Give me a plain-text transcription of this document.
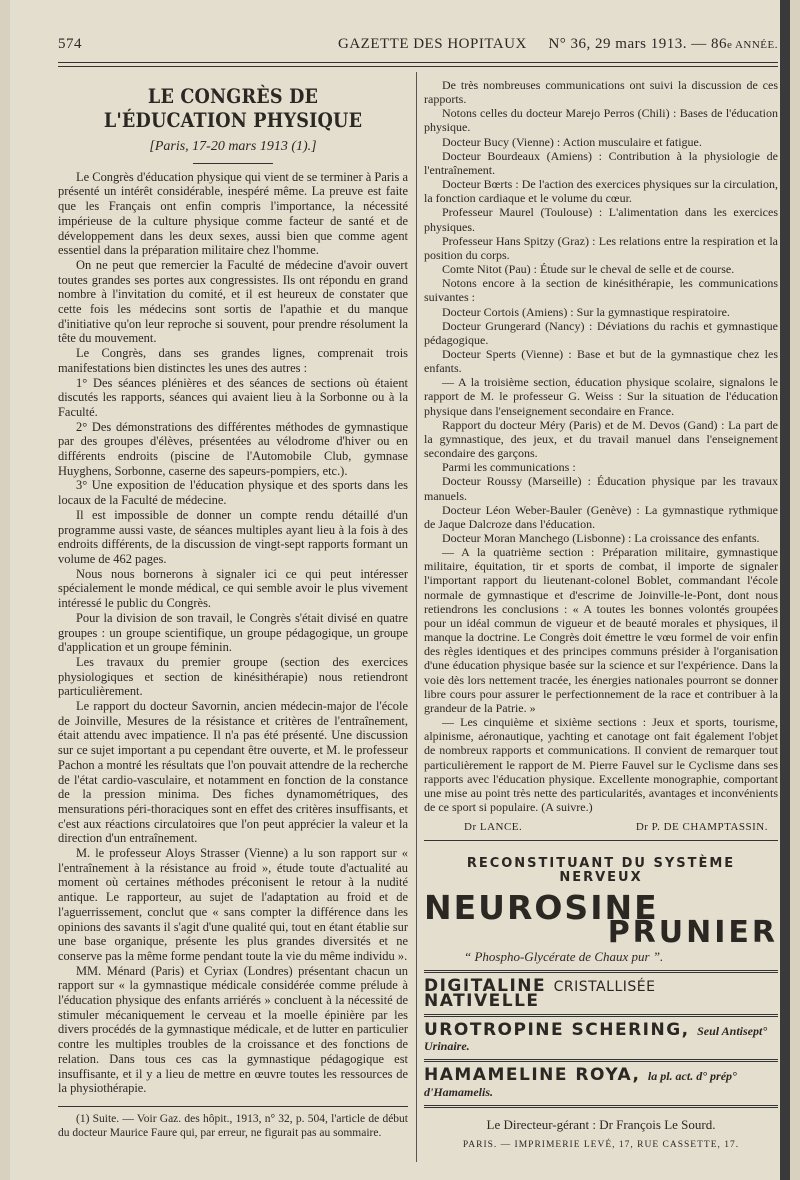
574	GAZETTE DES HOPITAUX N° 36, 29 mars 1913. — 86e ANNÉE.
LE CONGRÈS DE L'ÉDUCATION PHYSIQUE
[Paris, 17-20 mars 1913 (1).]

Le Congrès d'éducation physique qui vient de se terminer à Paris a présenté un intérêt considérable, inespéré même. La preuve est faite que les Français ont enfin compris l'importance, la nécessité impérieuse de la culture physique comme facteur de santé et de développement dans les deux sexes, aussi bien que comme agent essentiel dans la préparation militaire chez l'homme.

On ne peut que remercier la Faculté de médecine d'avoir ouvert toutes grandes ses portes aux congressistes. Ils ont répondu en grand nombre à l'invitation du comité, et il est heureux de constater que cette fois les médecins sont sortis de l'apathie et du manque d'initiative qu'on leur reproche si souvent, pour prendre résolument la tête du mouvement.

Le Congrès, dans ses grandes lignes, comprenait trois manifestations bien distinctes les unes des autres :

1° Des séances plénières et des séances de sections où étaient discutés les rapports, séances qui avaient lieu à la Sorbonne ou à la Faculté.

2° Des démonstrations des différentes méthodes de gymnastique par des groupes d'élèves, présentées au vélodrome d'hiver ou en différents endroits (piscine de l'Automobile Club, gymnase Huyghens, Sorbonne, caserne des sapeurs-pompiers, etc.).

3° Une exposition de l'éducation physique et des sports dans les locaux de la Faculté de médecine.

Il est impossible de donner un compte rendu détaillé d'un programme aussi vaste, de séances multiples ayant lieu à la fois à des endroits différents, de la discussion de vingt-sept rapports formant un volume de 462 pages.

Nous nous bornerons à signaler ici ce qui peut intéresser spécialement le monde médical, ce qui semble avoir le plus vivement intéressé le public du Congrès.

Pour la division de son travail, le Congrès s'était divisé en quatre groupes : un groupe scientifique, un groupe pédagogique, un groupe d'application et un groupe féminin.

Les travaux du premier groupe (section des exercices physiologiques et section de kinésithérapie) nous retiendront particulièrement.

Le rapport du docteur Savornin, ancien médecin-major de l'école de Joinville, Mesures de la résistance et critères de l'entraînement, était attendu avec impatience. Il n'a pas été présenté. Une discussion sur ce sujet important a pu cependant être ouverte, et M. le professeur Pachon a montré les résultats que l'on pouvait attendre de la recherche de l'état cardio-vasculaire, et notamment en fonction de la constance de la pression minima. Des fiches dynamométriques, des mensurations péri-thoraciques sont en effet des critères insuffisants, et c'est aux réactions circulatoires que l'on peut apprécier la valeur et la direction d'un entraînement.

M. le professeur Aloys Strasser (Vienne) a lu son rapport sur « l'entraînement à la résistance au froid », étude toute d'actualité au moment où certaines méthodes préconisent le retour à la nudité antique. Le rapporteur, au sujet de l'adaptation au froid et de l'aguerrissement, conclut que « sans compter la différence dans les opinions des savants il s'agit d'une qualité qui, tout en étant établie sur une base organique, présente les plus grandes diversités et ne conserve pas la même forme pendant toute la vie du même individu ».

MM. Ménard (Paris) et Cyriax (Londres) présentant chacun un rapport sur « la gymnastique médicale considérée comme prélude à l'éducation physique des enfants arriérés » concluent à la nécessité de stimuler mécaniquement le cerveau et la moelle épinière par les divers procédés de la gymnastique médicale, et de lutter en particulier contre les multiples troubles de la croissance et des fonctions de relation. Dans tous ces cas la gymnastique pédagogique est insuffisante, et il y a lieu de mettre en œuvre toutes les ressources de la physiothérapie.

(1) Suite. — Voir Gaz. des hôpit., 1913, n° 32, p. 504, l'article de début du docteur Maurice Faure qui, par erreur, ne figurait pas au sommaire.

De très nombreuses communications ont suivi la discussion de ces rapports.

Notons celles du docteur Marejo Perros (Chili) : Bases de l'éducation physique.

Docteur Bucy (Vienne) : Action musculaire et fatigue.

Docteur Bourdeaux (Amiens) : Contribution à la physiologie de l'entraînement.

Docteur Bœrts : De l'action des exercices physiques sur la circulation, la fonction cardiaque et le volume du cœur.

Professeur Maurel (Toulouse) : L'alimentation dans les exercices physiques.

Professeur Hans Spitzy (Graz) : Les relations entre la respiration et la position du corps.

Comte Nitot (Pau) : Étude sur le cheval de selle et de course.

Notons encore à la section de kinésithérapie, les communications suivantes :

Docteur Cortois (Amiens) : Sur la gymnastique respiratoire.

Docteur Grungerard (Nancy) : Déviations du rachis et gymnastique pédagogique.

Docteur Sperts (Vienne) : Base et but de la gymnastique chez les enfants.

— A la troisième section, éducation physique scolaire, signalons le rapport de M. le professeur G. Weiss : Sur la situation de l'éducation physique dans l'enseignement secondaire en France.

Rapport du docteur Méry (Paris) et de M. Devos (Gand) : La part de la gymnastique, des jeux, et du travail manuel dans l'enseignement secondaire des garçons.

Parmi les communications :

Docteur Roussy (Marseille) : Éducation physique par les travaux manuels.

Docteur Léon Weber-Bauler (Genève) : La gymnastique rythmique de Jaque Dalcroze dans l'éducation.

Docteur Moran Manchego (Lisbonne) : La croissance des enfants.

— A la quatrième section : Préparation militaire, gymnastique militaire, équitation, tir et sports de combat, il importe de signaler l'important rapport du lieutenant-colonel Boblet, commandant l'école normale de gymnastique et d'escrime de Joinville-le-Pont, dont nous retiendrons les conclusions : « A toutes les bonnes volontés groupées pour un idéal commun de vigueur et de beauté morales et physiques, il manque la doctrine. Le Congrès doit émettre le vœu formel de voir enfin des règles identiques et des principes communs présider à l'organisation d'une éducation physique basée sur la science et sur l'expérience. Dans la voie dès lors nettement tracée, les énergies nationales pourront se donner libre cours pour assurer le perfectionnement de la race et contribuer à la grandeur de la Patrie. »

— Les cinquième et sixième sections : Jeux et sports, tourisme, alpinisme, aéronautique, yachting et canotage ont fait également l'objet de nombreux rapports et communications. Il convient de remarquer tout particulièrement le rapport de M. Pierre Fauvel sur le Cyclisme dans ses rapports avec l'éducation physique. Excellente monographie, comportant une mise au point très nette des particularités, avantages et inconvénients de ce sport si populaire. (A suivre.)

Dr LANCE.	Dr P. DE CHAMPTASSIN.
RECONSTITUANT DU SYSTÈME NERVEUX
NEUROSINE
PRUNIER
“ Phospho-Glycérate de Chaux pur ”.
DIGITALINE CRISTALLISÉE NATIVELLE
UROTROPINE SCHERING, Seul Antisept° Urinaire.
HAMAMELINE ROYA, la pl. act. d° prép° d'Hamamelis.
Le Directeur-gérant : Dr François Le Sourd.
PARIS. — IMPRIMERIE LEVÉ, 17, RUE CASSETTE, 17.
